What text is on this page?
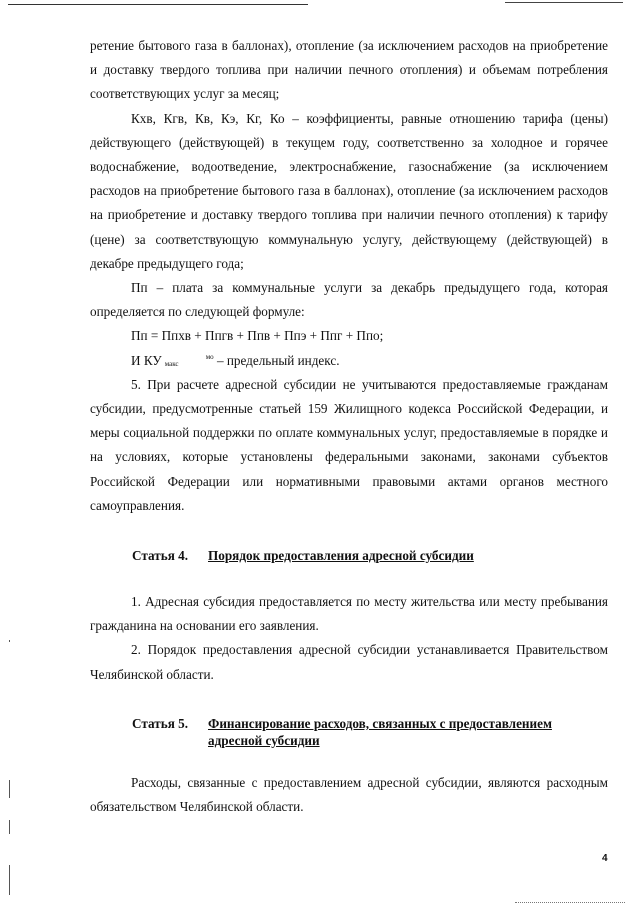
ретение бытового газа в баллонах), отопление (за исключением расходов на приобретение и доставку твердого топлива при наличии печного отопления) и объемам потребления соответствующих услуг за месяц;

Кхв, Кгв, Кв, Кэ, Кг, Ко – коэффициенты, равные отношению тарифа (цены) действующего (действующей) в текущем году, соответственно за холодное и горячее водоснабжение, водоотведение, электроснабжение, газоснабжение (за исключением расходов на приобретение бытового газа в баллонах), отопление (за исключением расходов на приобретение и доставку твердого топлива при наличии печного отопления) к тарифу (цене) за соответствующую коммунальную услугу, действующему (действующей) в декабре предыдущего года;

Пп – плата за коммунальные услуги за декабрь предыдущего года, которая определяется по следующей формуле:

Пп = Ппхв + Ппгв + Ппв + Ппэ + Ппг + Ппо;

И КУ	мо
макс	– предельный индекс.

5. При расчете адресной субсидии не учитываются предоставляемые гражданам субсидии, предусмотренные статьей 159 Жилищного кодекса Российской Федерации, и меры социальной поддержки по оплате коммунальных услуг, предоставляемые в порядке и на условиях, которые установлены федеральными законами, законами субъектов Российской Федерации или нормативными правовыми актами органов местного самоуправления.

Статья 4.	Порядок предоставления адресной субсидии

1. Адресная субсидия предоставляется по месту жительства или месту пребывания гражданина на основании его заявления.

2. Порядок предоставления адресной субсидии устанавливается Правительством Челябинской области.

Статья 5.	Финансирование расходов, связанных с предоставлением адресной субсидии

Расходы, связанные с предоставлением адресной субсидии, являются расходным обязательством Челябинской области.

4
